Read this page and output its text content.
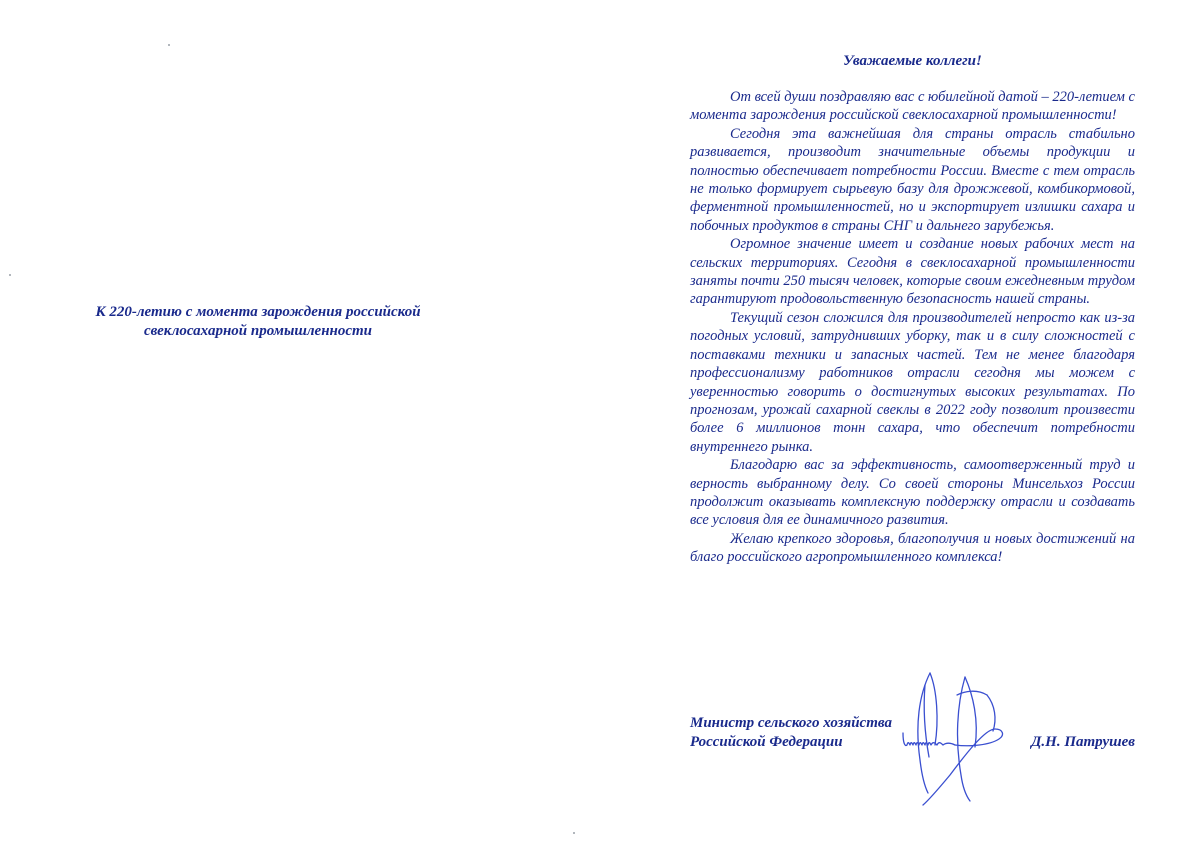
К 220-летию с момента зарождения российской
свеклосахарной промышленности
Уважаемые коллеги!

От всей души поздравляю вас с юбилейной датой – 220-летием с момента зарождения российской свеклосахарной промышленности!

Сегодня эта важнейшая для страны отрасль стабильно развивается, производит значительные объемы продукции и полностью обеспечивает потребности России. Вместе с тем отрасль не только формирует сырьевую базу для дрожжевой, комбикормовой, ферментной промышленностей, но и экспортирует излишки сахара и побочных продуктов в страны СНГ и дальнего зарубежья.

Огромное значение имеет и создание новых рабочих мест на сельских территориях. Сегодня в свеклосахарной промышленности заняты почти 250 тысяч человек, которые своим ежедневным трудом гарантируют продовольственную безопасность нашей страны.

Текущий сезон сложился для производителей непросто как из-за погодных условий, затруднивших уборку, так и в силу сложностей с поставками техники и запасных частей. Тем не менее благодаря профессионализму работников отрасли сегодня мы можем с уверенностью говорить о достигнутых высоких результатах. По прогнозам, урожай сахарной свеклы в 2022 году позволит произвести более 6 миллионов тонн сахара, что обеспечит потребности внутреннего рынка.

Благодарю вас за эффективность, самоотверженный труд и верность выбранному делу. Со своей стороны Минсельхоз России продолжит оказывать комплексную поддержку отрасли и создавать все условия для ее динамичного развития.

Желаю крепкого здоровья, благополучия и новых достижений на благо российского агропромышленного комплекса!

Министр сельского хозяйства
Российской Федерации	Д.Н. Патрушев
